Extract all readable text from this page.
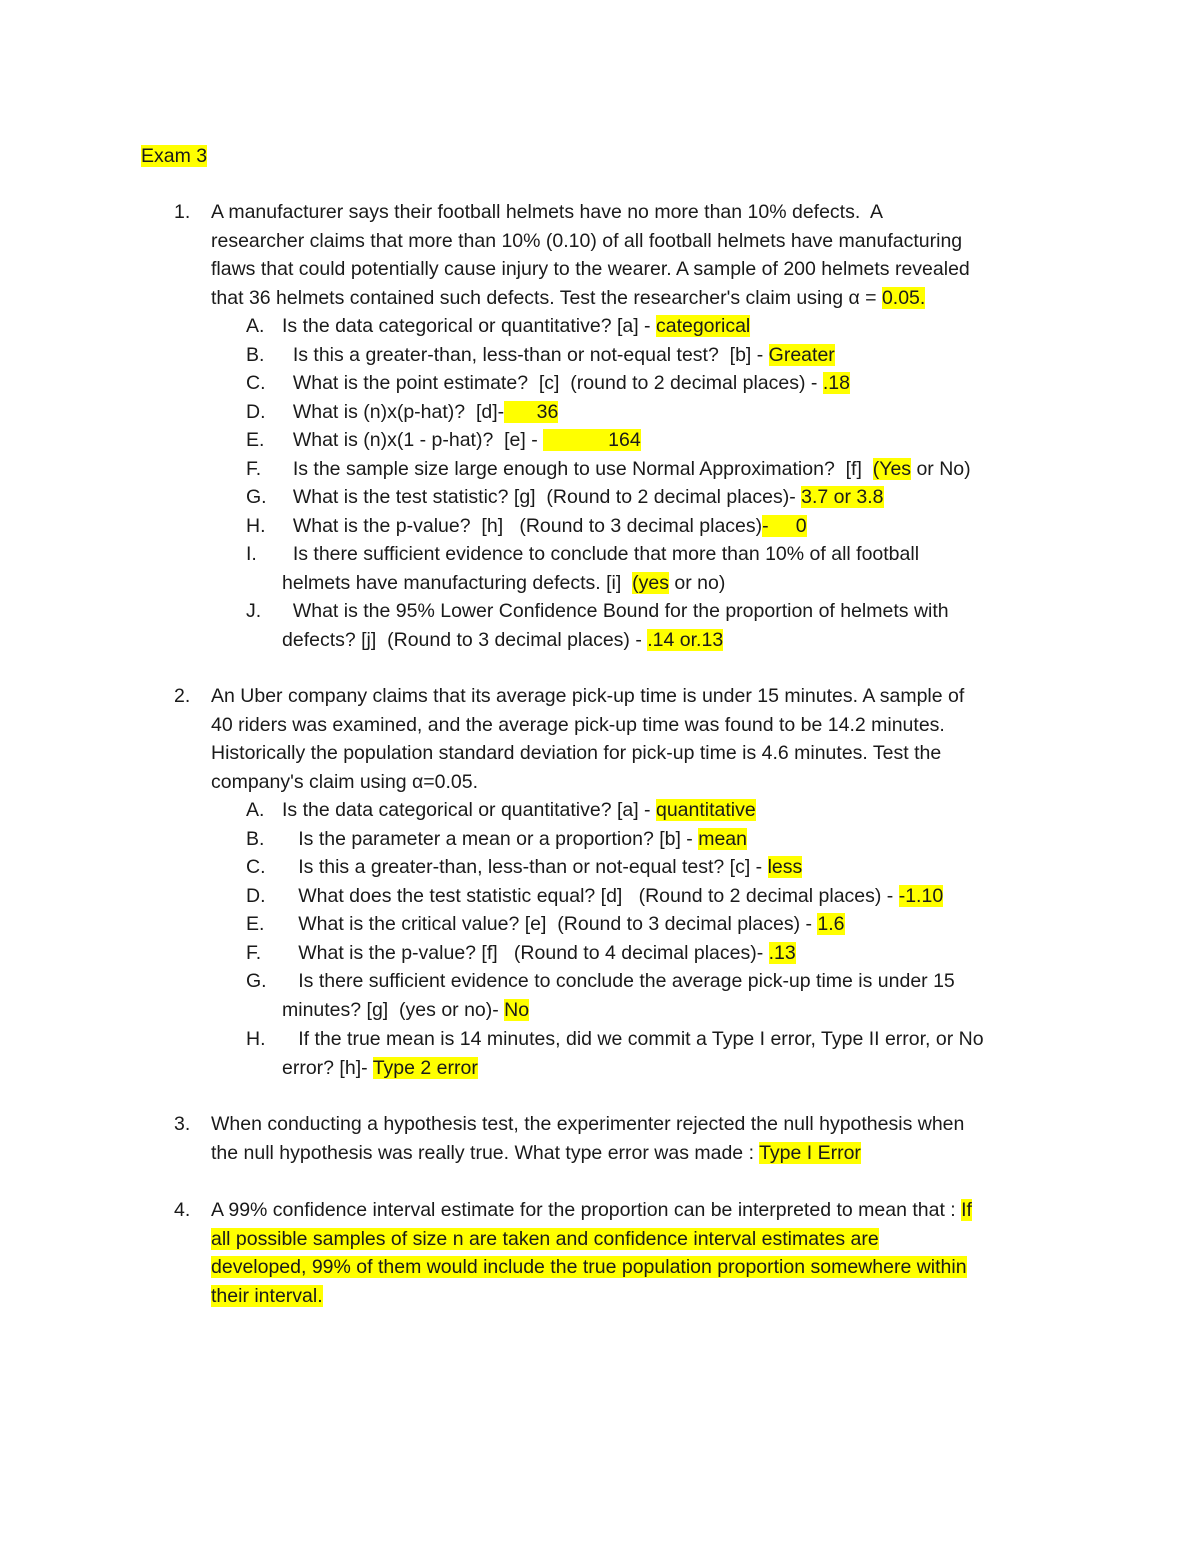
Exam 3
1.	A manufacturer says their football helmets have no more than 10% defects.  A

researcher claims that more than 10% (0.10) of all football helmets have manufacturing

flaws that could potentially cause injury to the wearer. A sample of 200 helmets revealed

that 36 helmets contained such defects. Test the researcher's claim using α = 0.05.

A. Is the data categorical or quantitative? [a] - categorical

B. Is this a greater-than, less-than or not-equal test?  [b] - Greater

C. What is the point estimate?  [c]  (round to 2 decimal places) - .18

D. What is (n)x(p-hat)?  [d]-      36

E. What is (n)x(1 - p-hat)?  [e] -             164

F.	Is the sample size large enough to use Normal Approximation?  [f]  (Yes or No)

G. What is the test statistic? [g]  (Round to 2 decimal places)- 3.7 or 3.8

H. What is the p-value?  [h]   (Round to 3 decimal places)-     0

I.	Is there sufficient evidence to conclude that more than 10% of all football

helmets have manufacturing defects. [i]  (yes or no)

J.	What is the 95% Lower Confidence Bound for the proportion of helmets with

defects? [j]  (Round to 3 decimal places) - .14 or.13

2.	An Uber company claims that its average pick-up time is under 15 minutes. A sample of

40 riders was examined, and the average pick-up time was found to be 14.2 minutes.

Historically the population standard deviation for pick-up time is 4.6 minutes. Test the

company's claim using α=0.05.

A. Is the data categorical or quantitative? [a] - quantitative

B. Is the parameter a mean or a proportion? [b] - mean

C. Is this a greater-than, less-than or not-equal test? [c] - less

D. What does the test statistic equal? [d]   (Round to 2 decimal places) - -1.10

E. What is the critical value? [e]  (Round to 3 decimal places) - 1.6

F.	What is the p-value? [f]   (Round to 4 decimal places)- .13

G. Is there sufficient evidence to conclude the average pick-up time is under 15

minutes? [g]  (yes or no)- No

H. If the true mean is 14 minutes, did we commit a Type I error, Type II error, or No

error? [h]- Type 2 error

3.	When conducting a hypothesis test, the experimenter rejected the null hypothesis when

the null hypothesis was really true. What type error was made : Type I Error

4.	A 99% confidence interval estimate for the proportion can be interpreted to mean that : If

all possible samples of size n are taken and confidence interval estimates are

developed, 99% of them would include the true population proportion somewhere within

their interval.
